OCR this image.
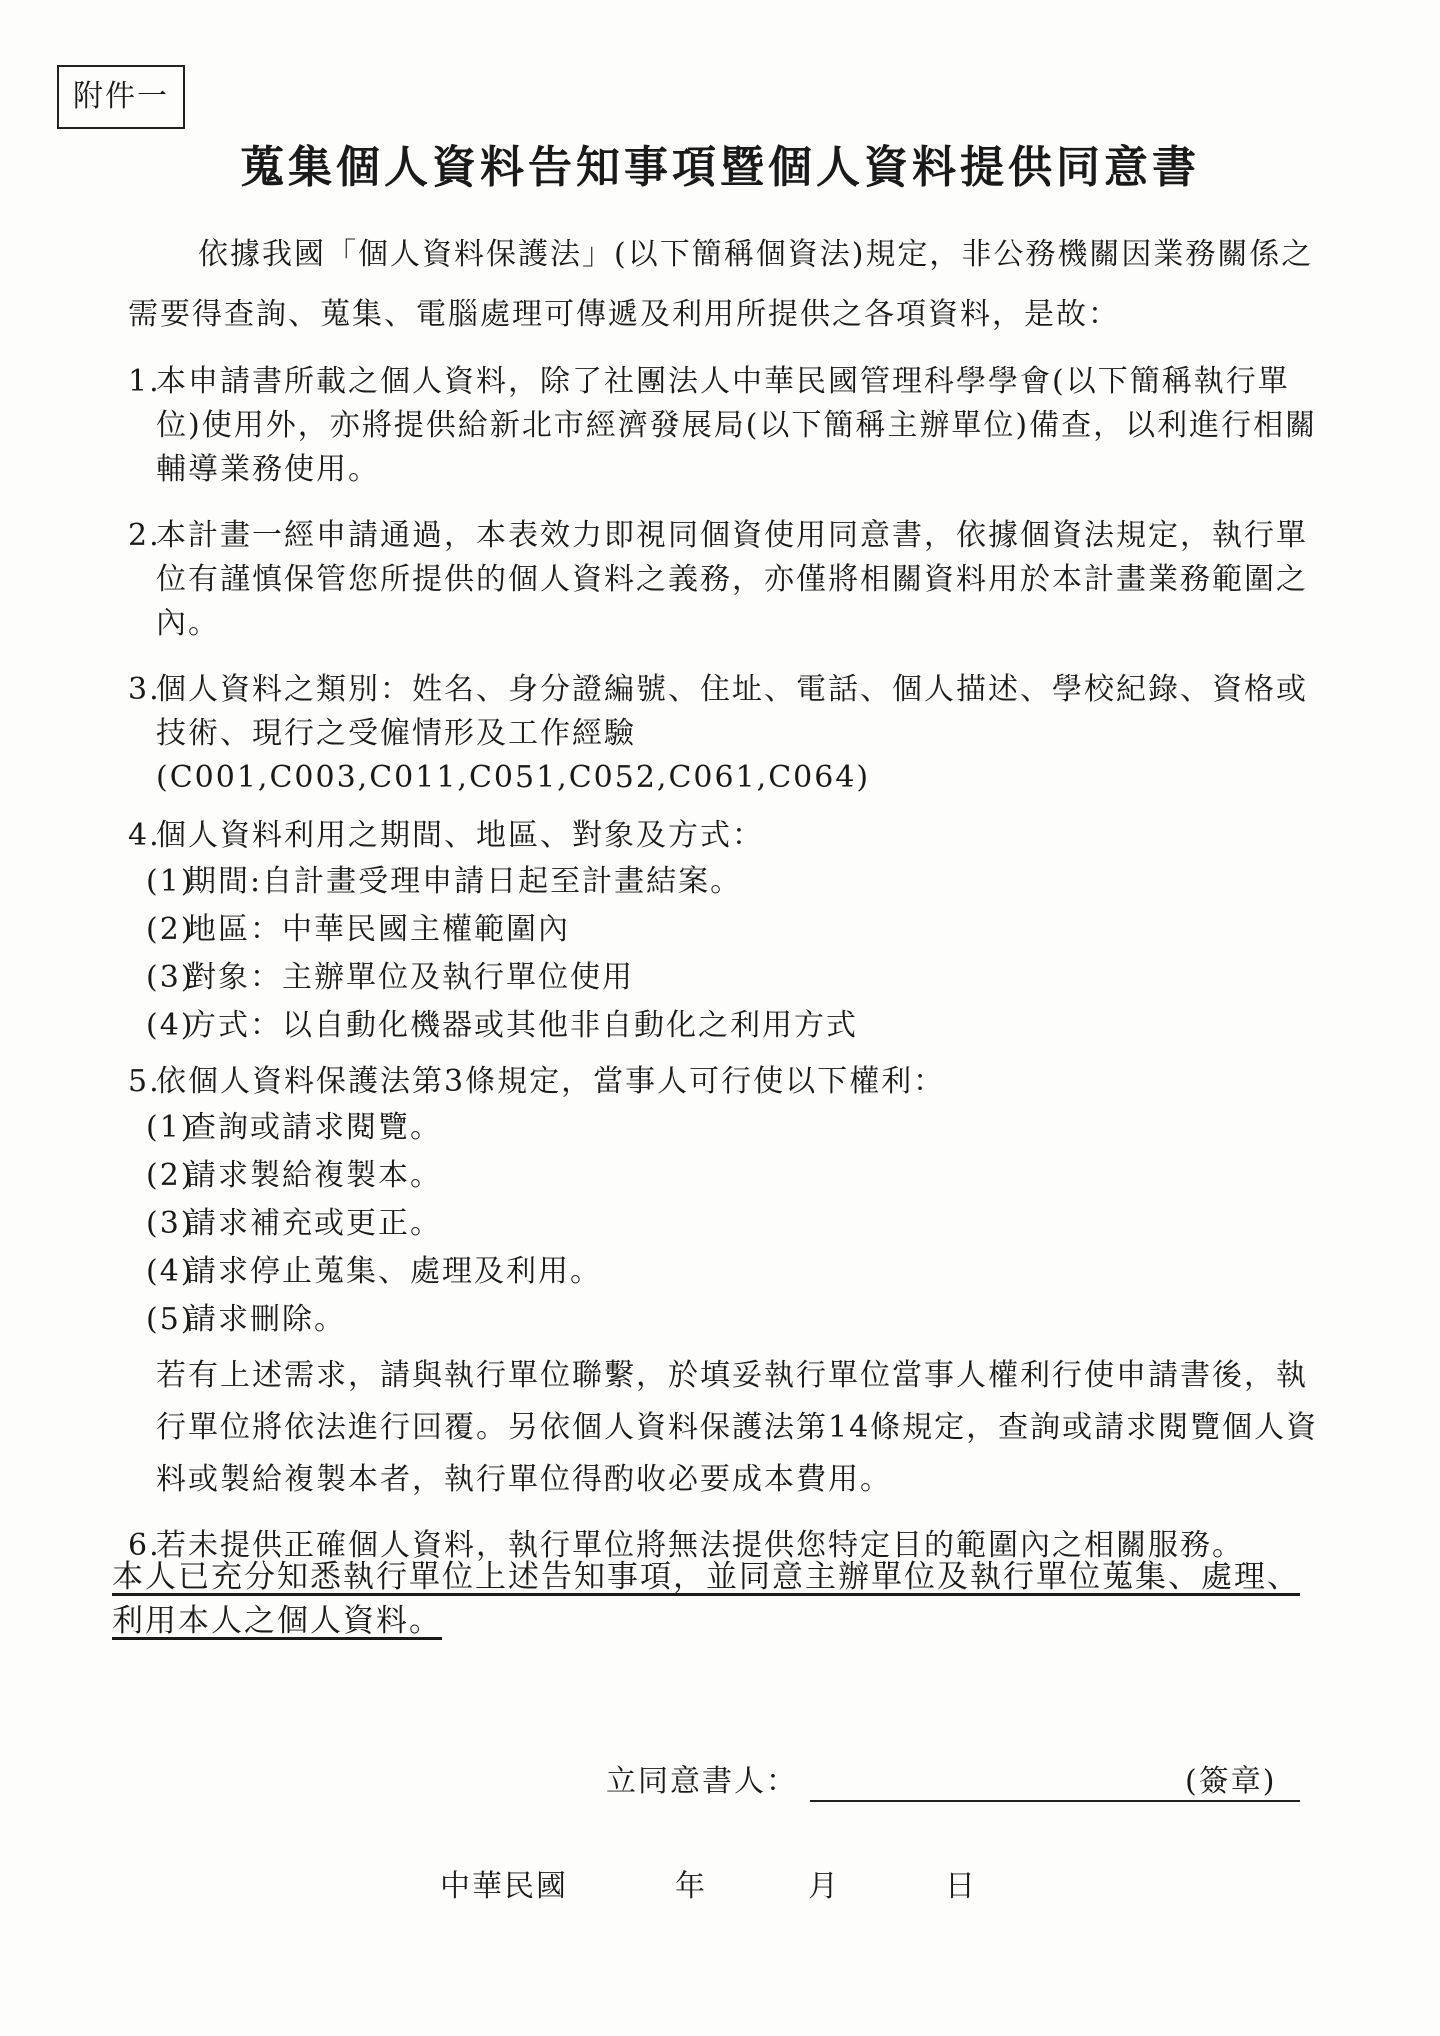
附件一
蒐集個人資料告知事項暨個人資料提供同意書
依據我國「個人資料保護法」(以下簡稱個資法)規定，非公務機關因業務關係之需要得查詢、蒐集、電腦處理可傳遞及利用所提供之各項資料，是故：
1.
本申請書所載之個人資料，除了社團法人中華民國管理科學學會(以下簡稱執行單位)使用外，亦將提供給新北市經濟發展局(以下簡稱主辦單位)備查，以利進行相關輔導業務使用。
2.
本計畫一經申請通過，本表效力即視同個資使用同意書，依據個資法規定，執行單位有謹慎保管您所提供的個人資料之義務，亦僅將相關資料用於本計畫業務範圍之內。
3.
個人資料之類別：姓名、身分證編號、住址、電話、個人描述、學校紀錄、資格或技術、現行之受僱情形及工作經驗(C001,C003,C011,C051,C052,C061,C064)
4.
個人資料利用之期間、地區、對象及方式：
(1)
期間:自計畫受理申請日起至計畫結案。
(2)
地區：中華民國主權範圍內
(3)
對象：主辦單位及執行單位使用
(4)
方式：以自動化機器或其他非自動化之利用方式
5.
依個人資料保護法第3條規定，當事人可行使以下權利：
(1)
查詢或請求閱覽。
(2)
請求製給複製本。
(3)
請求補充或更正。
(4)
請求停止蒐集、處理及利用。
(5)
請求刪除。
若有上述需求，請與執行單位聯繫，於填妥執行單位當事人權利行使申請書後，執行單位將依法進行回覆。另依個人資料保護法第14條規定，查詢或請求閱覽個人資料或製給複製本者，執行單位得酌收必要成本費用。
6.
若未提供正確個人資料，執行單位將無法提供您特定目的範圍內之相關服務。
本人已充分知悉執行單位上述告知事項，並同意主辦單位及執行單位蒐集、處理、利用本人之個人資料。
立同意書人：	(簽章)
中華民國	年	月	日
